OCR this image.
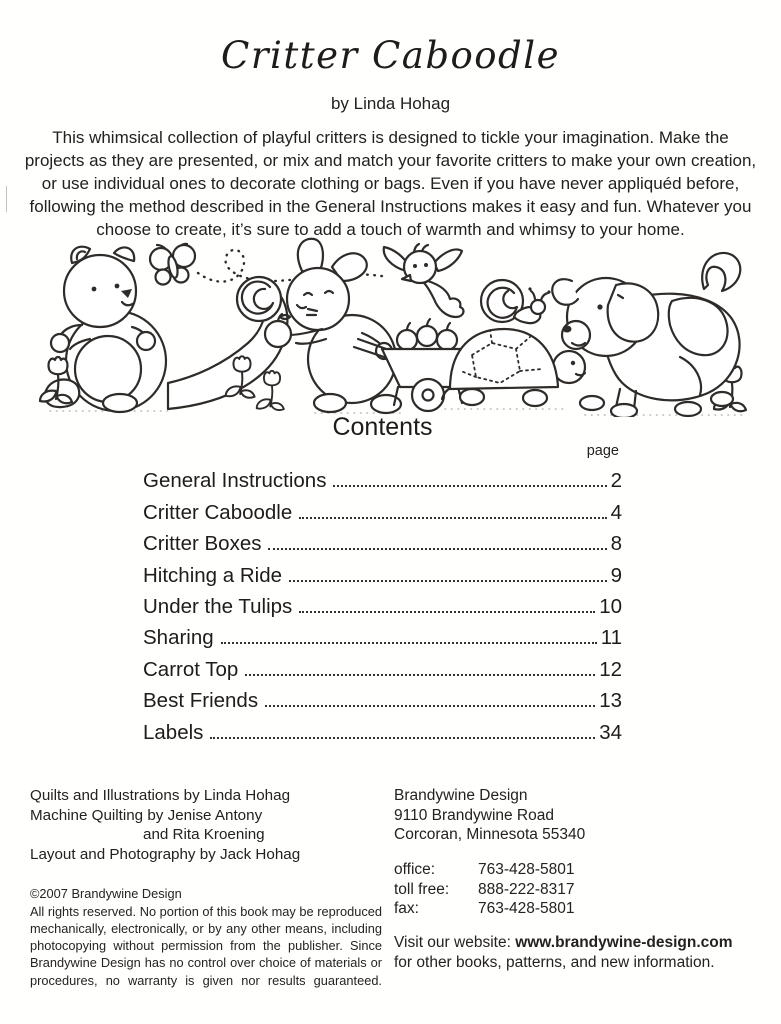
Critter Caboodle
by Linda Hohag
This whimsical collection of playful critters is designed to tickle your imagination. Make the projects as they are presented, or mix and match your favorite critters to make your own creation, or use individual ones to decorate clothing or bags. Even if you have never appliquéd before, following the method described in the General Instructions makes it easy and fun. Whatever you choose to create, it’s sure to add a touch of warmth and whimsy to your home.
Contents
page
General Instructions	2
Critter Caboodle	4
Critter Boxes	8
Hitching a Ride	9
Under the Tulips	10
Sharing	11
Carrot Top	12
Best Friends	13
Labels	34
Quilts and Illustrations by Linda Hohag
Machine Quilting by Jenise Antony
and Rita Kroening
Layout and Photography by Jack Hohag
©2007 Brandywine Design
All rights reserved. No portion of this book may be reproduced mechanically, electronically, or by any other means, including photocopying without permission from the publisher. Since Brandywine Design has no control over choice of materials or procedures, no warranty is given nor results guaranteed.
Brandywine Design
9110 Brandywine Road
Corcoran, Minnesota 55340
office:	763-428-5801
toll free:	888-222-8317
fax:	763-428-5801
Visit our website: www.brandywine-design.com
for other books, patterns, and new information.
